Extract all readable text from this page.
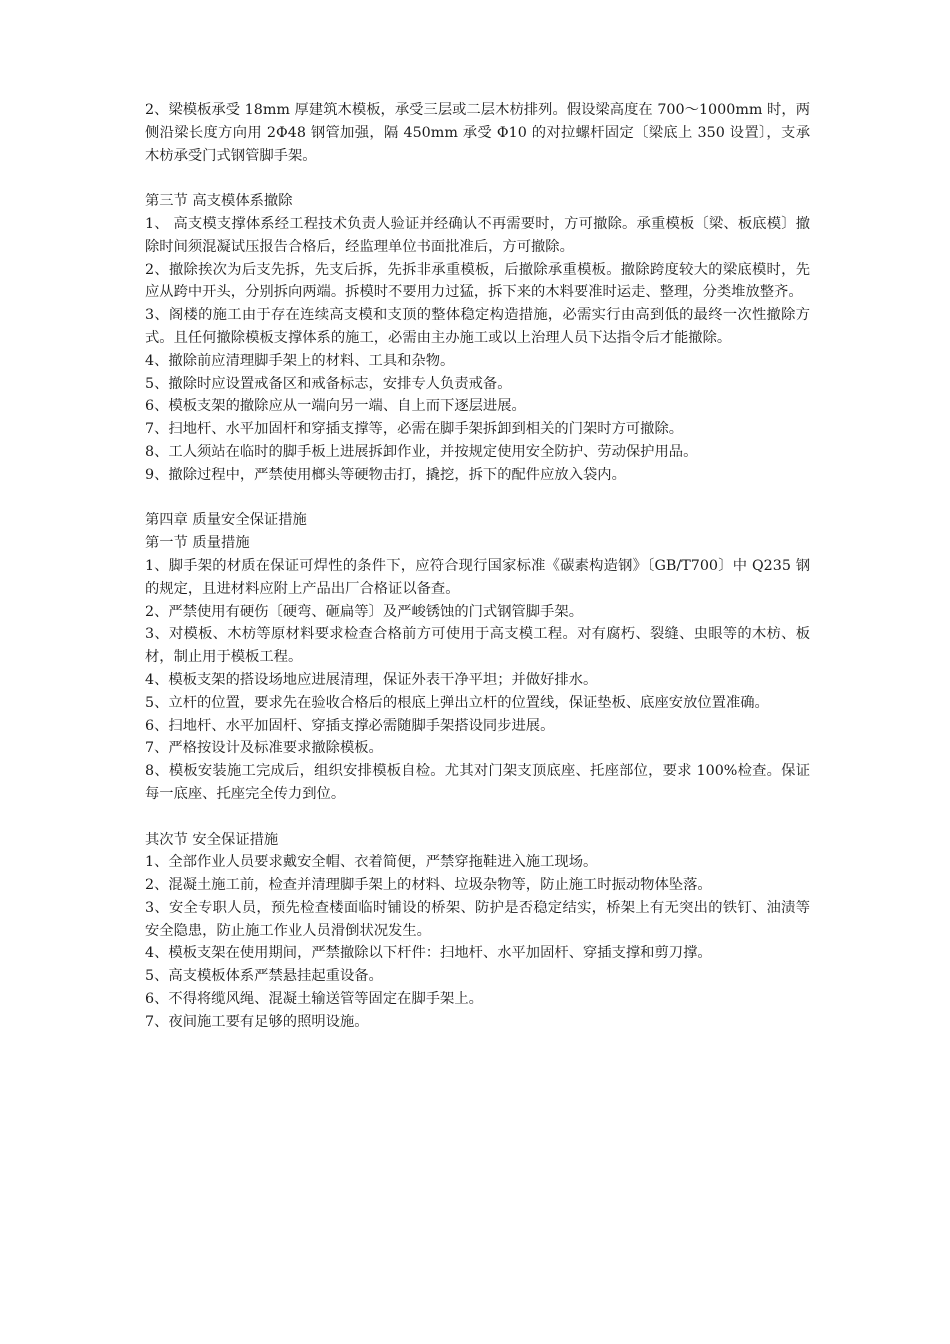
2、梁模板承受 18mm 厚建筑木模板，承受三层或二层木枋排列。假设梁高度在 700～1000mm 时，两侧沿梁长度方向用 2Φ48 钢管加强，隔 450mm 承受 Φ10 的对拉螺杆固定〔梁底上 350 设置〕，支承木枋承受门式钢管脚手架。

第三节 高支模体系撤除

1、 高支模支撑体系经工程技术负责人验证并经确认不再需要时，方可撤除。承重模板〔梁、板底模〕撤除时间须混凝试压报告合格后，经监理单位书面批准后，方可撤除。

2、撤除挨次为后支先拆，先支后拆，先拆非承重模板，后撤除承重模板。撤除跨度较大的梁底模时，先应从跨中开头，分别拆向两端。拆模时不要用力过猛，拆下来的木料要准时运走、整理，分类堆放整齐。

3、阁楼的施工由于存在连续高支模和支顶的整体稳定构造措施，必需实行由高到低的最终一次性撤除方式。且任何撤除模板支撑体系的施工，必需由主办施工或以上治理人员下达指令后才能撤除。

4、撤除前应清理脚手架上的材料、工具和杂物。

5、撤除时应设置戒备区和戒备标志，安排专人负责戒备。

6、模板支架的撤除应从一端向另一端、自上而下逐层进展。

7、扫地杆、水平加固杆和穿插支撑等，必需在脚手架拆卸到相关的门架时方可撤除。

8、工人须站在临时的脚手板上进展拆卸作业，并按规定使用安全防护、劳动保护用品。

9、撤除过程中，严禁使用榔头等硬物击打，撬挖，拆下的配件应放入袋内。

第四章 质量安全保证措施

第一节 质量措施

1、脚手架的材质在保证可焊性的条件下，应符合现行国家标准《碳素构造钢》〔GB/T700〕中 Q235 钢的规定，且进材料应附上产品出厂合格证以备查。

2、严禁使用有硬伤〔硬弯、砸扁等〕及严峻锈蚀的门式钢管脚手架。

3、对模板、木枋等原材料要求检查合格前方可使用于高支模工程。对有腐朽、裂缝、虫眼等的木枋、板材，制止用于模板工程。

4、模板支架的搭设场地应进展清理，保证外表干净平坦；并做好排水。

5、立杆的位置，要求先在验收合格后的根底上弹出立杆的位置线，保证垫板、底座安放位置准确。

6、扫地杆、水平加固杆、穿插支撑必需随脚手架搭设同步进展。

7、严格按设计及标准要求撤除模板。

8、模板安装施工完成后，组织安排模板自检。尤其对门架支顶底座、托座部位，要求 100%检查。保证每一底座、托座完全传力到位。

其次节 安全保证措施

1、全部作业人员要求戴安全帽、衣着简便，严禁穿拖鞋进入施工现场。

2、混凝土施工前，检查并清理脚手架上的材料、垃圾杂物等，防止施工时振动物体坠落。

3、安全专职人员，预先检查楼面临时铺设的桥架、防护是否稳定结实，桥架上有无突出的铁钉、油渍等安全隐患，防止施工作业人员滑倒状况发生。

4、模板支架在使用期间，严禁撤除以下杆件：扫地杆、水平加固杆、穿插支撑和剪刀撑。

5、高支模板体系严禁悬挂起重设备。

6、不得将缆风绳、混凝土输送管等固定在脚手架上。

7、夜间施工要有足够的照明设施。
